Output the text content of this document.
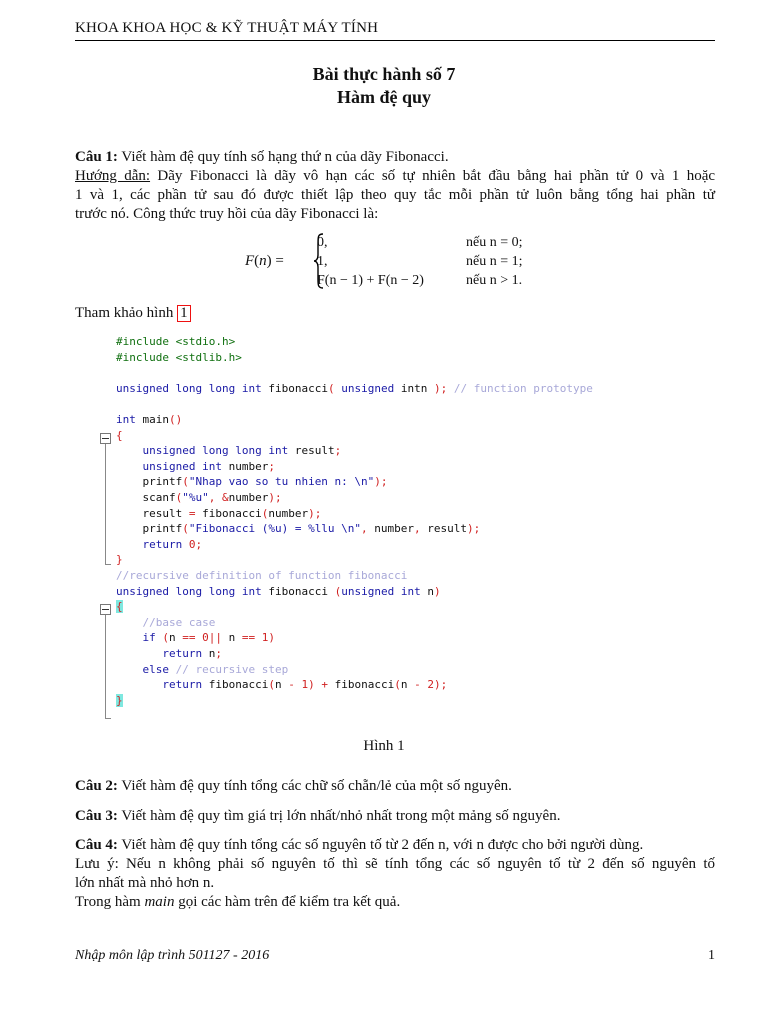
KHOA KHOA HỌC & KỸ THUẬT MÁY TÍNH
Bài thực hành số 7
Hàm đệ quy
Câu 1: Viết hàm đệ quy tính số hạng thứ n của dãy Fibonacci.
Hướng dẫn: Dãy Fibonacci là dãy vô hạn các số tự nhiên bắt đầu bằng hai phần tử 0 và 1 hoặc
1 và 1, các phần tử sau đó được thiết lập theo quy tắc mỗi phần tử luôn bằng tổng hai phần tử
trước nó. Công thức truy hồi của dãy Fibonacci là:
F(n) =
0,
1,
F(n − 1) + F(n − 2)
nếu n = 0;
nếu n = 1;
nếu n > 1.
Tham khảo hình 1
#include <stdio.h>
#include <stdlib.h>
unsigned long long int fibonacci( unsigned intn ); // function prototype
int main()
{
unsigned long long int result;
unsigned int number;
printf("Nhap vao so tu nhien n: \n");
scanf("%u", &number);
result = fibonacci(number);
printf("Fibonacci (%u) = %llu \n", number, result);
return 0;
}
//recursive definition of function fibonacci
unsigned long long int fibonacci (unsigned int n)
{
//base case
if (n == 0|| n == 1)
return n;
else // recursive step
return fibonacci(n - 1) + fibonacci(n - 2);
}
Hình 1
Câu 2: Viết hàm đệ quy tính tổng các chữ số chẵn/lẻ của một số nguyên.
Câu 3: Viết hàm đệ quy tìm giá trị lớn nhất/nhỏ nhất trong một mảng số nguyên.
Câu 4: Viết hàm đệ quy tính tổng các số nguyên tố từ 2 đến n, với n được cho bởi người dùng.
Lưu ý: Nếu n không phải số nguyên tố thì sẽ tính tổng các số nguyên tố từ 2 đến số nguyên tố
lớn nhất mà nhỏ hơn n.
Trong hàm main gọi các hàm trên để kiểm tra kết quả.
Nhập môn lập trình 501127 - 2016	1
